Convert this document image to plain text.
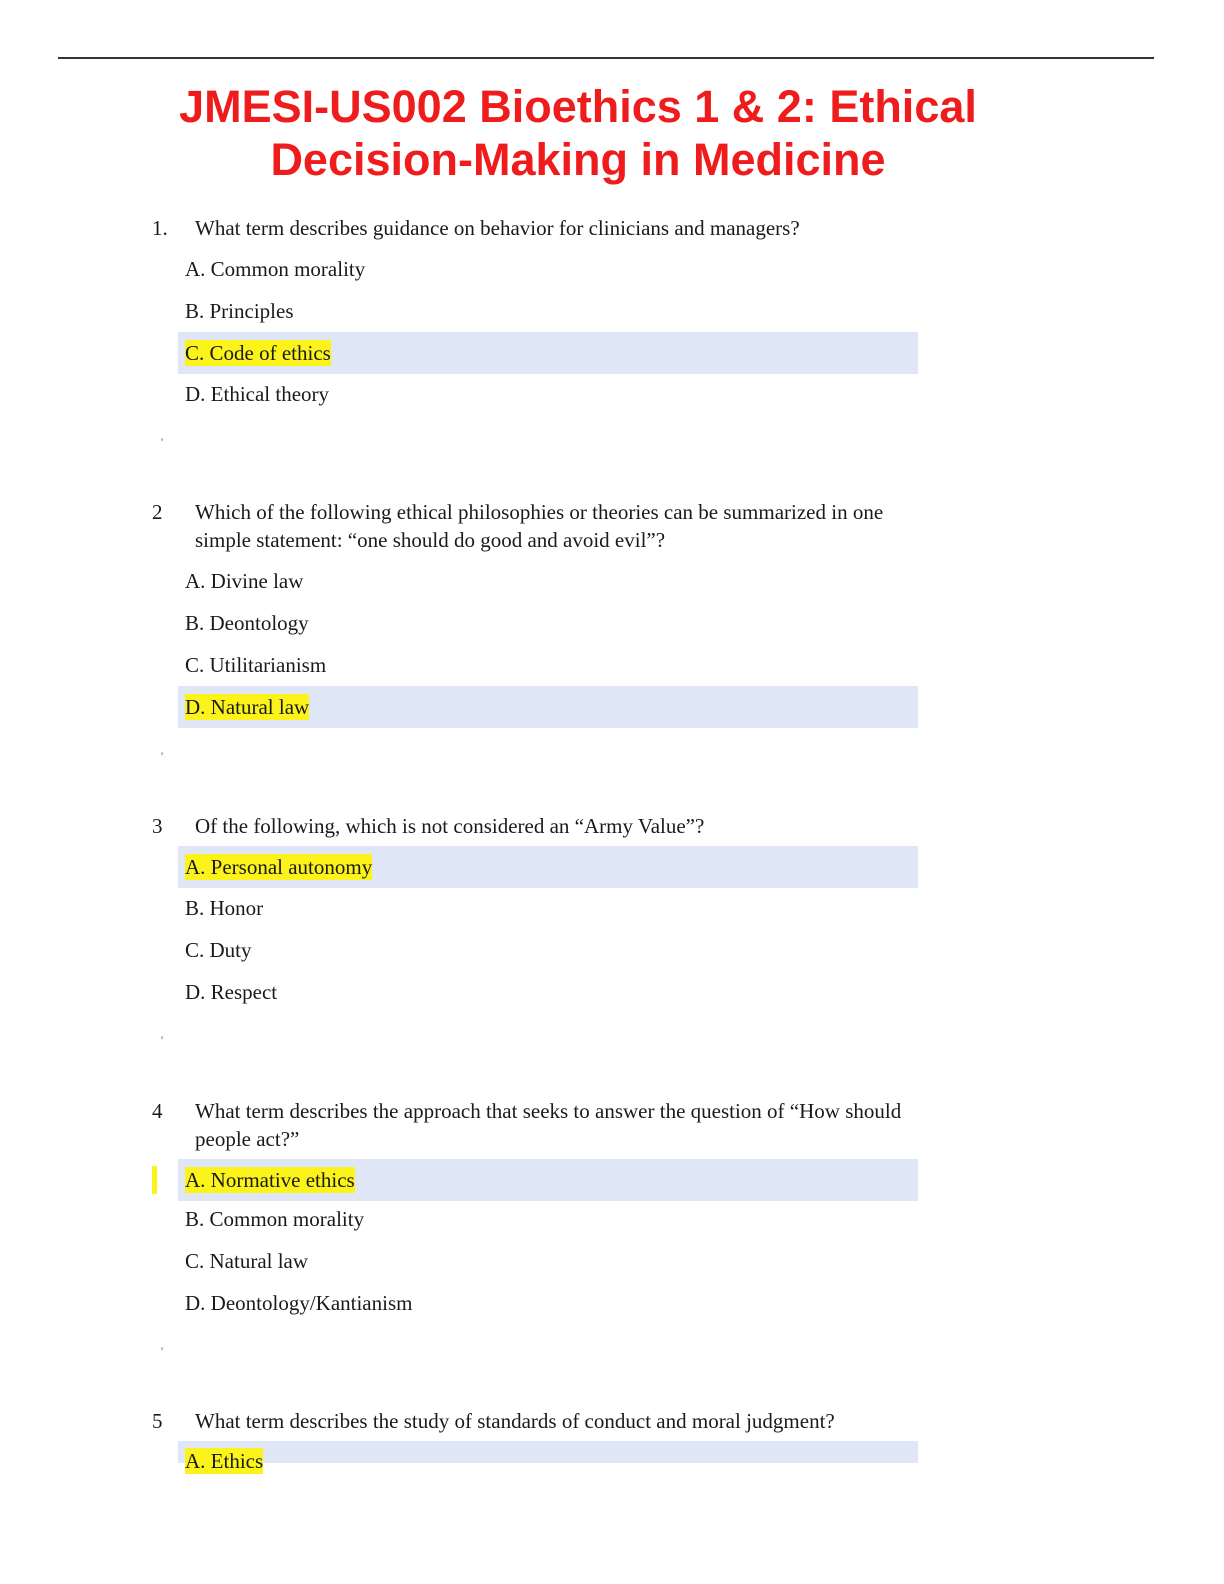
JMESI-US002 Bioethics 1 & 2: Ethical
Decision-Making in Medicine
1. What term describes guidance on behavior for clinicians and managers?
A. Common morality
B. Principles
C. Code of ethics
D. Ethical theory
'
2 Which of the following ethical philosophies or theories can be summarized in one simple statement: “one should do good and avoid evil”?
A. Divine law
B. Deontology
C. Utilitarianism
D. Natural law
'
3 Of the following, which is not considered an “Army Value”?
A. Personal autonomy
B. Honor
C. Duty
D. Respect
'
4 What term describes the approach that seeks to answer the question of “How should people act?”
A. Normative ethics
B. Common morality
C. Natural law
D. Deontology/Kantianism
'
5 What term describes the study of standards of conduct and moral judgment?
A. Ethics
